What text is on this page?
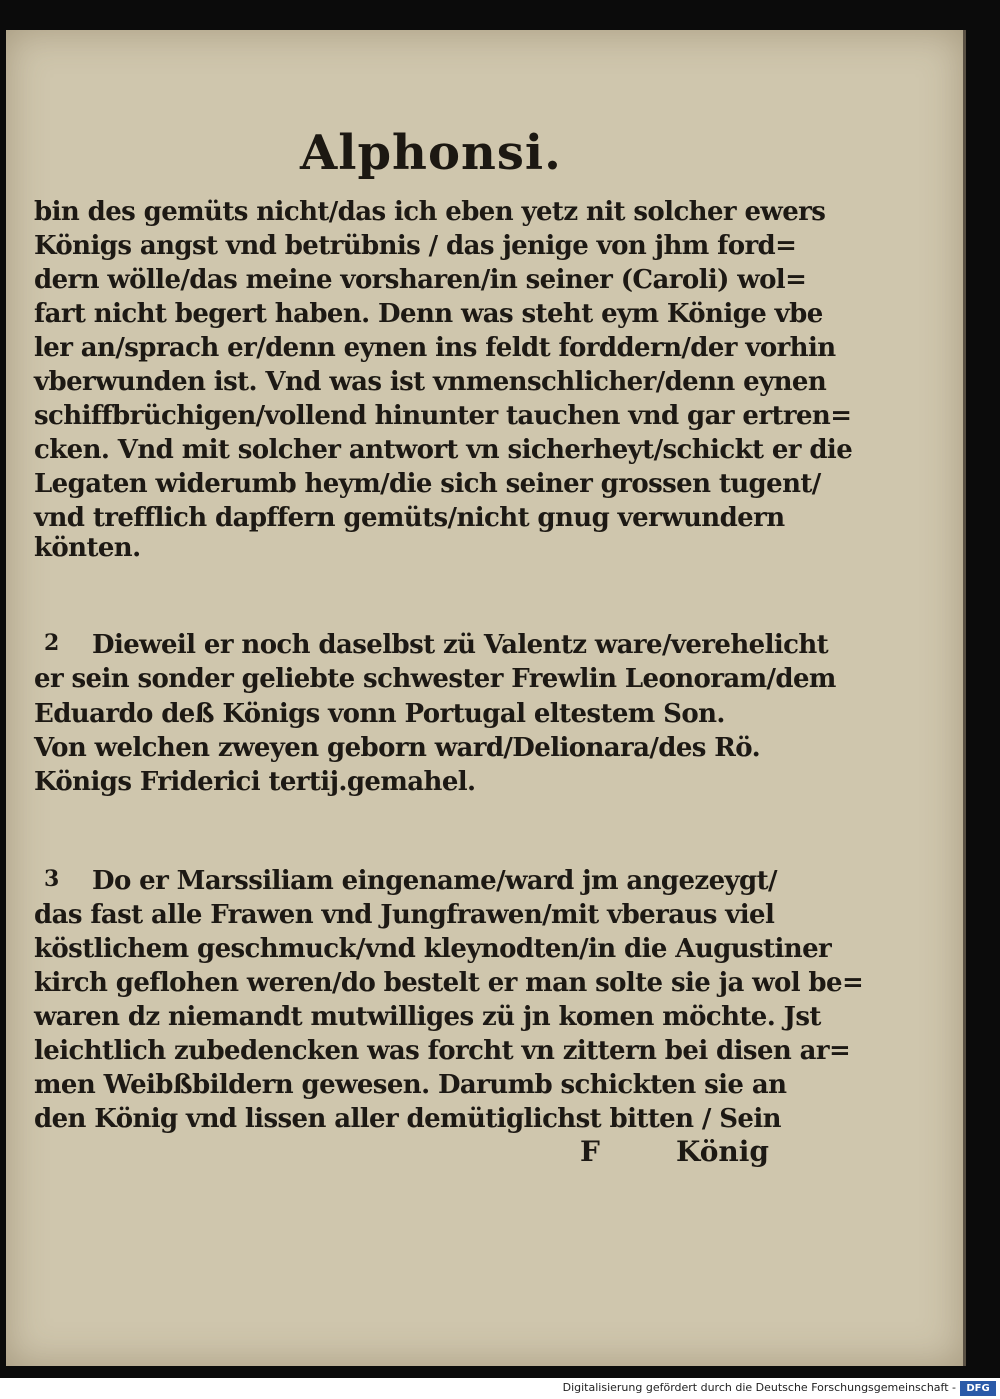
Alphonsi.
bin des gemüts nicht/das ich eben yetz nit solcher ewers
Königs angst vnd betrübnis / das jenige von jhm ford=
dern wölle/das meine vorsharen/in seiner (Caroli) wol=
fart nicht begert haben. Denn was steht eym Könige vbe
ler an/sprach er/denn eynen ins feldt forddern/der vorhin
vberwunden ist. Vnd was ist vnmenschlicher/denn eynen
schiffbrüchigen/vollend hinunter tauchen vnd gar ertren=
cken. Vnd mit solcher antwort vn sicherheyt/schickt er die
Legaten widerumb heym/die sich seiner grossen tugent/
vnd trefflich dapffern gemüts/nicht gnug verwundern
könten.
2 Dieweil er noch daselbst zü Valentz ware/verehelicht
er sein sonder geliebte schwester Frewlin Leonoram/dem
Eduardo deß Königs vonn Portugal eltestem Son.
Von welchen zweyen geborn ward/Delionara/des Rö.
Königs Friderici tertij.gemahel.
3 Do er Marssiliam eingename/ward jm angezeygt/
das fast alle Frawen vnd Jungfrawen/mit vberaus viel
köstlichem geschmuck/vnd kleynodten/in die Augustiner
kirch geflohen weren/do bestelt er man solte sie ja wol be=
waren dz niemandt mutwilliges zü jn komen möchte. Jst
leichtlich zubedencken was forcht vn zittern bei disen ar=
men Weibßbildern gewesen. Darumb schickten sie an
den König vnd lissen aller demütiglichst bitten / Sein
F	König
Digitalisierung gefördert durch die Deutsche Forschungsgemeinschaft -	DFG
